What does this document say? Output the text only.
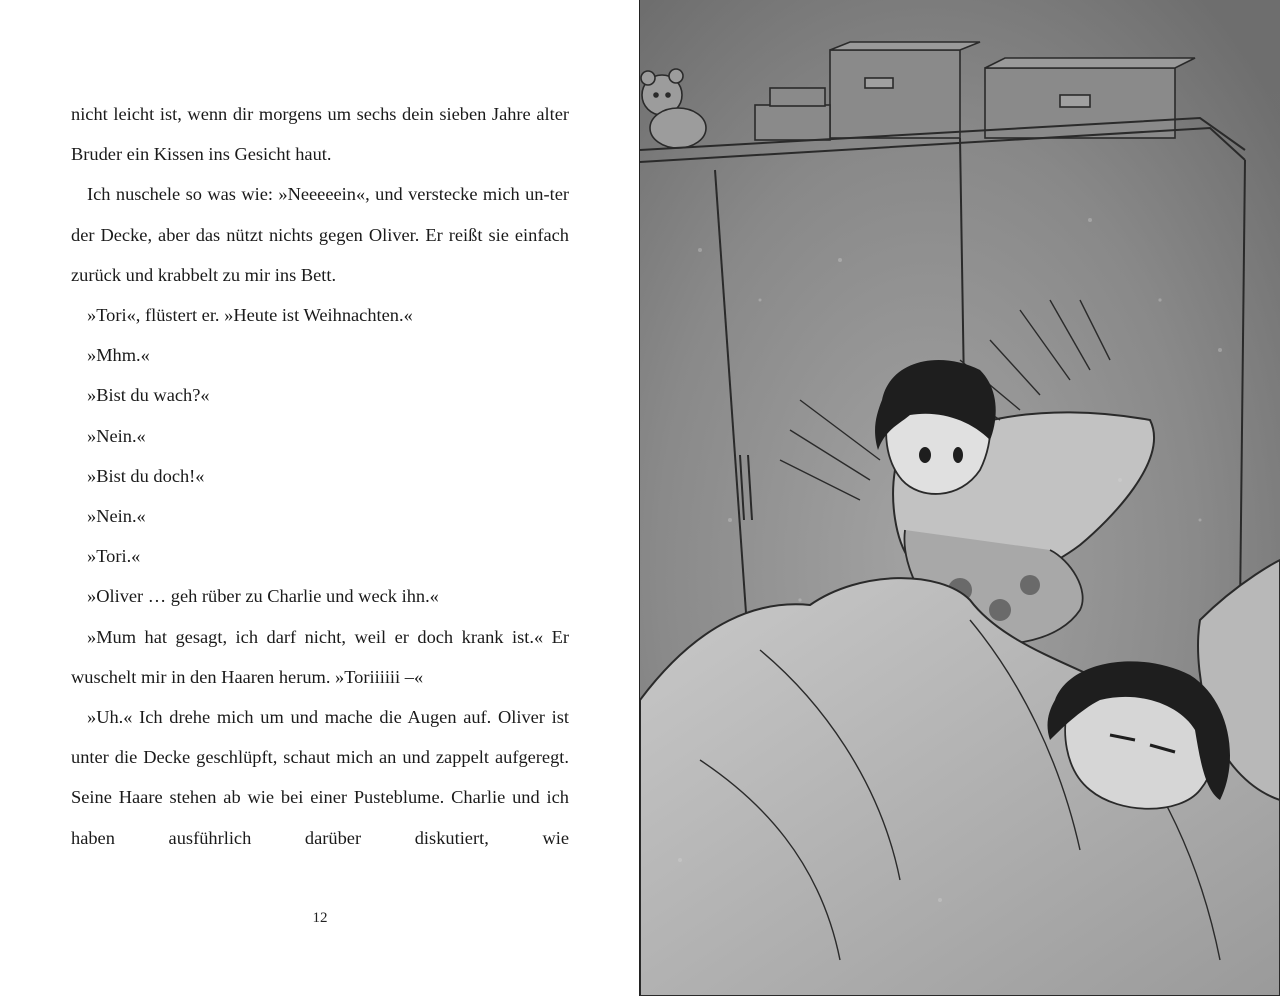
nicht leicht ist, wenn dir morgens um sechs dein sieben Jahre alter Bruder ein Kissen ins Gesicht haut.

Ich nuschele so was wie: »Neeeeein«, und verstecke mich un-ter der Decke, aber das nützt nichts gegen Oliver. Er reißt sie einfach zurück und krabbelt zu mir ins Bett.

»Tori«, flüstert er. »Heute ist Weihnachten.«

»Mhm.«

»Bist du wach?«

»Nein.«

»Bist du doch!«

»Nein.«

»Tori.«

»Oliver … geh rüber zu Charlie und weck ihn.«

»Mum hat gesagt, ich darf nicht, weil er doch krank ist.« Er wuschelt mir in den Haaren herum. »Toriiiiii –«

»Uh.« Ich drehe mich um und mache die Augen auf. Oliver ist unter die Decke geschlüpft, schaut mich an und zappelt aufgeregt. Seine Haare stehen ab wie bei einer Pusteblume. Charlie und ich haben ausführlich darüber diskutiert, wie

12
